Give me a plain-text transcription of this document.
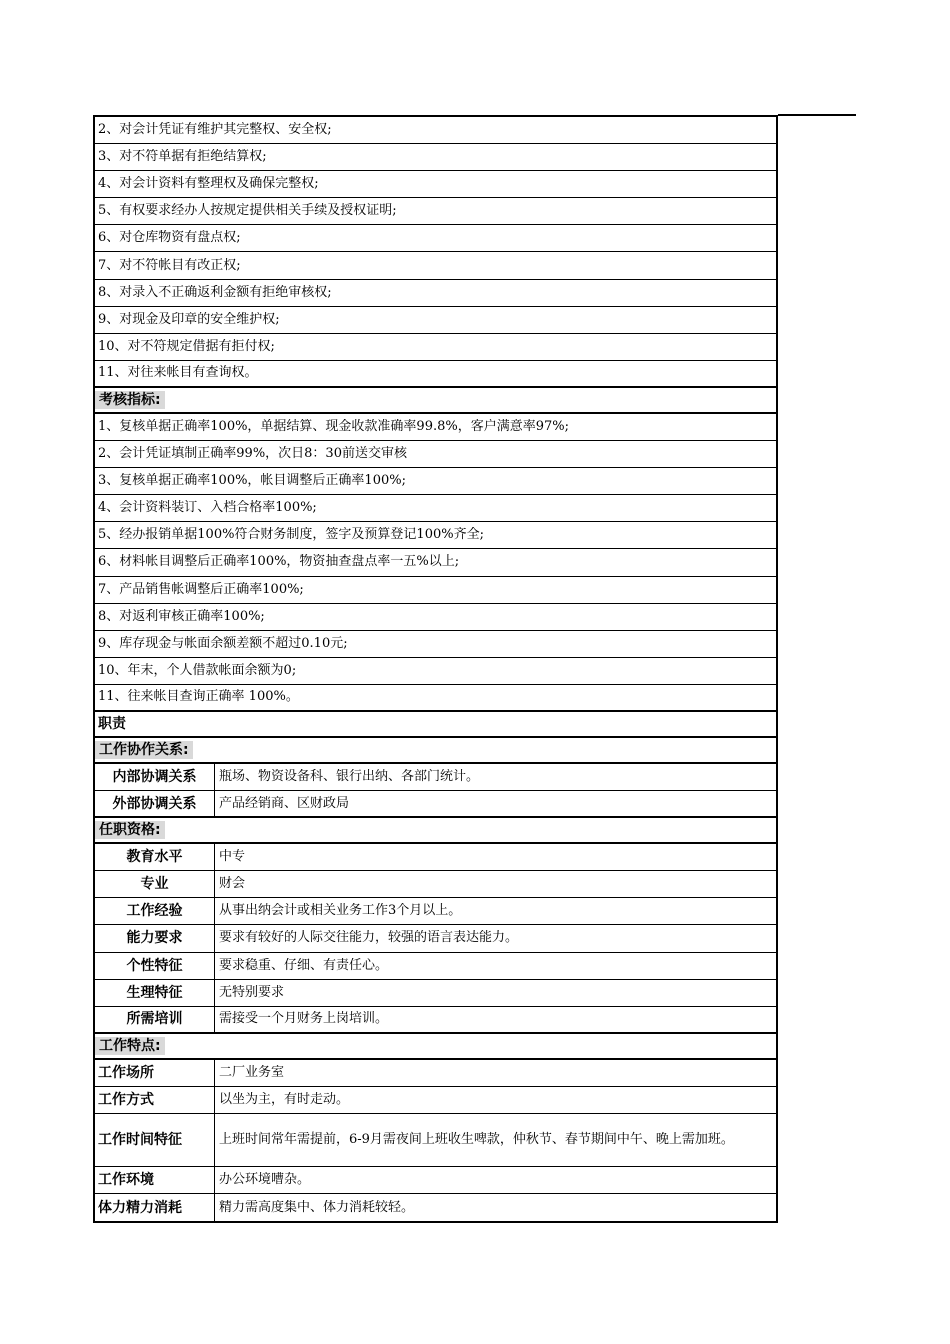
2、对会计凭证有维护其完整权、安全权;
3、对不符单据有拒绝结算权;
4、对会计资料有整理权及确保完整权;
5、有权要求经办人按规定提供相关手续及授权证明;
6、对仓库物资有盘点权;
7、对不符帐目有改正权;
8、对录入不正确返利金额有拒绝审核权;
9、对现金及印章的安全维护权;
10、对不符规定借据有拒付权;
11、对往来帐目有查询权。
考核指标:
1、复核单据正确率100%，单据结算、现金收款准确率99.8%，客户满意率97%;
2、会计凭证填制正确率99%，次日8：30前送交审核
3、复核单据正确率100%，帐目调整后正确率100%;
4、会计资料装订、入档合格率100%;
5、经办报销单据100%符合财务制度，签字及预算登记100%齐全;
6、材料帐目调整后正确率100%，物资抽查盘点率一五%以上;
7、产品销售帐调整后正确率100%;
8、对返利审核正确率100%;
9、库存现金与帐面余额差额不超过0.10元;
10、年末，个人借款帐面余额为0;
11、往来帐目查询正确率 100%。
职责
工作协作关系:
内部协调关系	瓶场、物资设备科、银行出纳、各部门统计。
外部协调关系	产品经销商、区财政局
任职资格:
教育水平	中专
专业	财会
工作经验	从事出纳会计或相关业务工作3个月以上。
能力要求	要求有较好的人际交往能力，较强的语言表达能力。
个性特征	要求稳重、仔细、有责任心。
生理特征	无特别要求
所需培训	需接受一个月财务上岗培训。
工作特点:
工作场所	二厂业务室
工作方式	以坐为主，有时走动。
工作时间特征	上班时间常年需提前，6-9月需夜间上班收生啤款，仲秋节、春节期间中午、晚上需加班。
工作环境	办公环境嘈杂。
体力精力消耗	精力需高度集中、体力消耗较轻。
